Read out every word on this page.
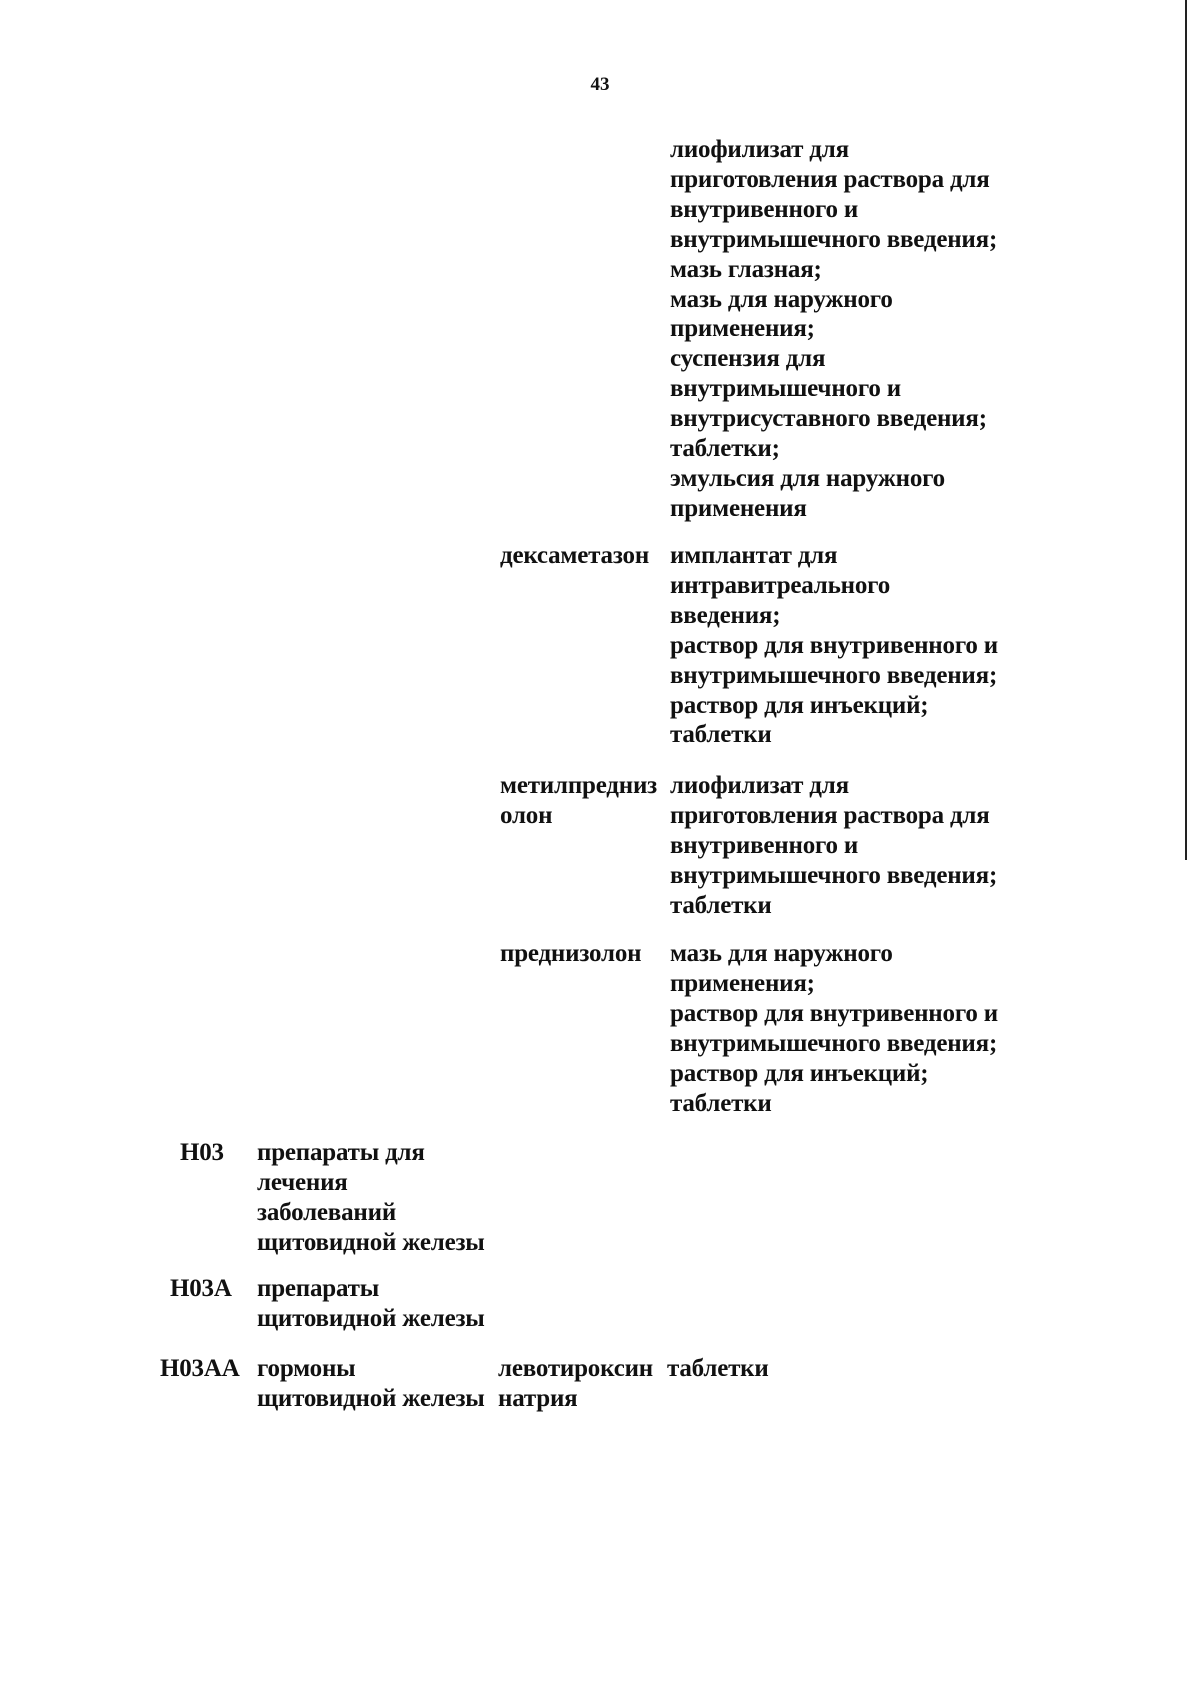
43
лиофилизат для
приготовления раствора для
внутривенного и
внутримышечного введения;
мазь глазная;
мазь для наружного
применения;
суспензия для
внутримышечного и
внутрисуставного введения;
таблетки;
эмульсия для наружного
применения
дексаметазон имплантат для
интравитреального
введения;
раствор для внутривенного и
внутримышечного введения;
раствор для инъекций;
таблетки
метилпредниз
олон
лиофилизат для
приготовления раствора для
внутривенного и
внутримышечного введения;
таблетки
преднизолон мазь для наружного
применения;
раствор для внутривенного и
внутримышечного введения;
раствор для инъекций;
таблетки
H03 препараты для
лечения
заболеваний
щитовидной железы
H03A препараты
щитовидной железы
H03AA гормоны
щитовидной железы
левотироксин
натрия
таблетки
